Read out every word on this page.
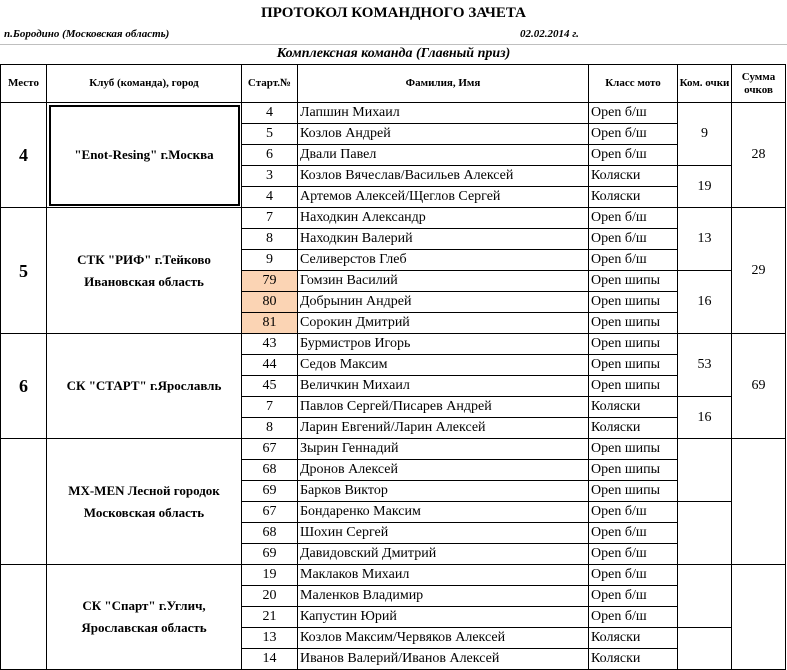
ПРОТОКОЛ КОМАНДНОГО ЗАЧЕТА
п.Бородино (Московская область)	02.02.2014 г.
Комплексная команда (Главный приз)
Место	Клуб (команда), город	Старт.№	Фамилия, Имя	Класс мото	Ком. очки	Сумма очков
4	"Enot-Resing" г.Москва	4	Лапшин Михаил	Open б/ш	9	28
		5	Козлов Андрей	Open б/ш		
		6	Двали Павел	Open б/ш		
		3	Козлов Вячеслав/Васильев Алексей	Коляски	19	
		4	Артемов Алексей/Щеглов Сергей	Коляски		
5	СТК "РИФ" г.Тейково Ивановская область	7	Находкин Александр	Open б/ш	13	29
		8	Находкин Валерий	Open б/ш		
		9	Селиверстов Глеб	Open б/ш		
		79	Гомзин Василий	Open шипы	16	
		80	Добрынин Андрей	Open шипы		
		81	Сорокин Дмитрий	Open шипы		
6	СК "СТАРТ" г.Ярославль	43	Бурмистров Игорь	Open шипы	53	69
		44	Седов Максим	Open шипы		
		45	Величкин Михаил	Open шипы		
		7	Павлов Сергей/Писарев Андрей	Коляски	16	
		8	Ларин Евгений/Ларин Алексей	Коляски		
	MX-MEN Лесной городок Московская область	67	Зырин Геннадий	Open шипы		
		68	Дронов Алексей	Open шипы		
		69	Барков Виктор	Open шипы		
		67	Бондаренко Максим	Open б/ш		
		68	Шохин Сергей	Open б/ш		
		69	Давидовский Дмитрий	Open б/ш		
	СК "Спарт" г.Углич, Ярославская область	19	Маклаков Михаил	Open б/ш		
		20	Маленков Владимир	Open б/ш		
		21	Капустин Юрий	Open б/ш		
		13	Козлов Максим/Червяков Алексей	Коляски		
		14	Иванов Валерий/Иванов Алексей	Коляски		
